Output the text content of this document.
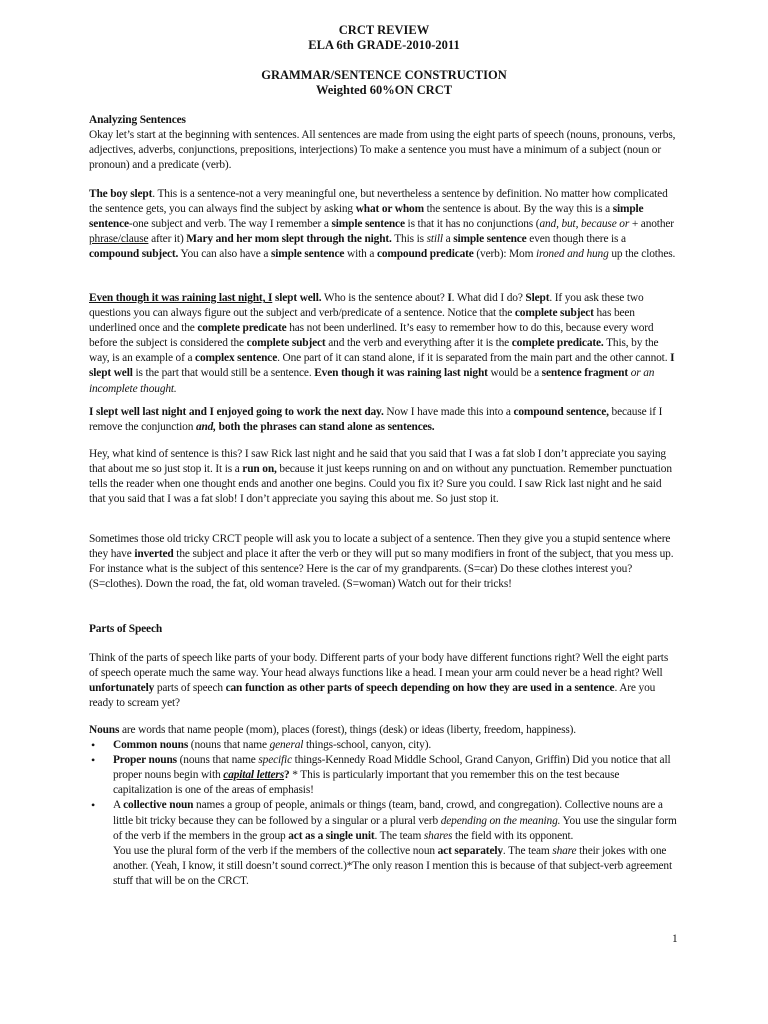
CRCT REVIEW
ELA 6th GRADE-2010-2011
GRAMMAR/SENTENCE CONSTRUCTION
Weighted 60%ON CRCT
Analyzing Sentences
Okay let’s start at the beginning with sentences. All sentences are made from using the eight parts of speech (nouns, pronouns, verbs, adjectives, adverbs, conjunctions, prepositions, interjections) To make a sentence you must have a minimum of a subject (noun or pronoun) and a predicate (verb).
The boy slept. This is a sentence-not a very meaningful one, but nevertheless a sentence by definition. No matter how complicated the sentence gets, you can always find the subject by asking what or whom the sentence is about. By the way this is a simple sentence-one subject and verb. The way I remember a simple sentence is that it has no conjunctions (and, but, because or + another phrase/clause after it) Mary and her mom slept through the night. This is still a simple sentence even though there is a compound subject. You can also have a simple sentence with a compound predicate (verb): Mom ironed and hung up the clothes.
Even though it was raining last night, I slept well. Who is the sentence about? I. What did I do? Slept. If you ask these two questions you can always figure out the subject and verb/predicate of a sentence. Notice that the complete subject has been underlined once and the complete predicate has not been underlined. It’s easy to remember how to do this, because every word before the subject is considered the complete subject and the verb and everything after it is the complete predicate. This, by the way, is an example of a complex sentence. One part of it can stand alone, if it is separated from the main part and the other cannot. I slept well is the part that would still be a sentence. Even though it was raining last night would be a sentence fragment or an incomplete thought.
I slept well last night and I enjoyed going to work the next day. Now I have made this into a compound sentence, because if I remove the conjunction and, both the phrases can stand alone as sentences.
Hey, what kind of sentence is this? I saw Rick last night and he said that you said that I was a fat slob I don’t appreciate you saying that about me so just stop it. It is a run on, because it just keeps running on and on without any punctuation. Remember punctuation tells the reader when one thought ends and another one begins. Could you fix it? Sure you could. I saw Rick last night and he said that you said that I was a fat slob! I don’t appreciate you saying this about me. So just stop it.
Sometimes those old tricky CRCT people will ask you to locate a subject of a sentence. Then they give you a stupid sentence where they have inverted the subject and place it after the verb or they will put so many modifiers in front of the subject, that you mess up. For instance what is the subject of this sentence? Here is the car of my grandparents. (S=car) Do these clothes interest you? (S=clothes). Down the road, the fat, old woman traveled. (S=woman) Watch out for their tricks!
Parts of Speech
Think of the parts of speech like parts of your body. Different parts of your body have different functions right? Well the eight parts of speech operate much the same way. Your head always functions like a head. I mean your arm could never be a head right? Well unfortunately parts of speech can function as other parts of speech depending on how they are used in a sentence. Are you ready to scream yet?
Nouns are words that name people (mom), places (forest), things (desk) or ideas (liberty, freedom, happiness).
• Common nouns (nouns that name general things-school, canyon, city).
• Proper nouns (nouns that name specific things-Kennedy Road Middle School, Grand Canyon, Griffin) Did you notice that all proper nouns begin with capital letters? * This is particularly important that you remember this on the test because capitalization is one of the areas of emphasis!
• A collective noun names a group of people, animals or things (team, band, crowd, and congregation). Collective nouns are a little bit tricky because they can be followed by a singular or a plural verb depending on the meaning. You use the singular form of the verb if the members in the group act as a single unit. The team shares the field with its opponent.
You use the plural form of the verb if the members of the collective noun act separately. The team share their jokes with one another. (Yeah, I know, it still doesn’t sound correct.)*The only reason I mention this is because of that subject-verb agreement stuff that will be on the CRCT.
1
